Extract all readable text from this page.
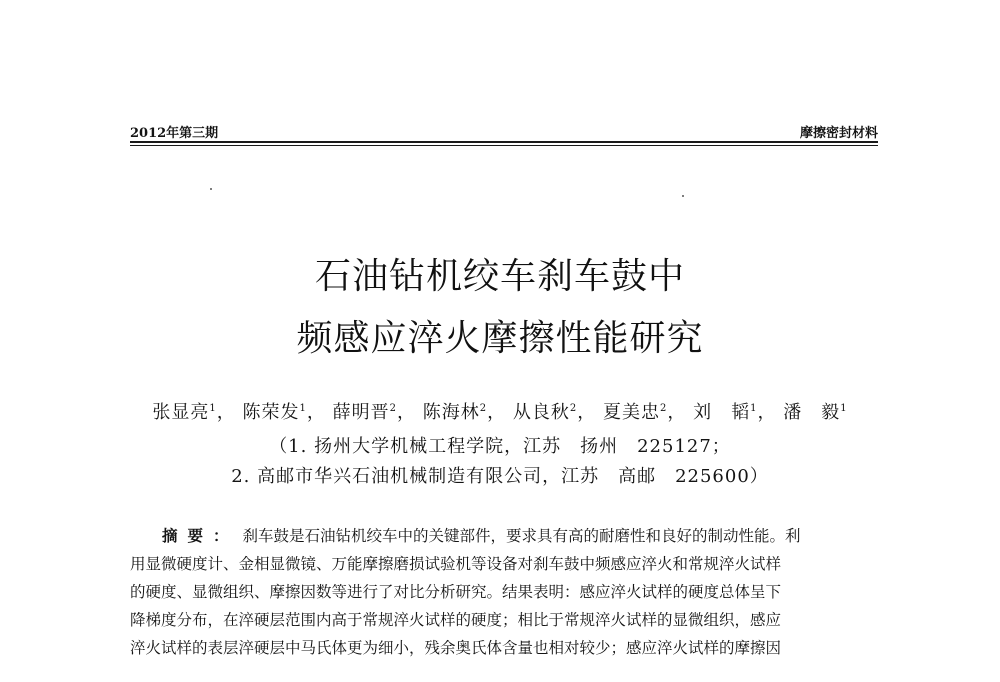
2012年第三期	摩擦密封材料
石油钻机绞车刹车鼓中
频感应淬火摩擦性能研究
张显亮$^1$， 陈荣发$^1$， 薛明晋$^2$， 陈海林$^2$， 从良秋$^2$， 夏美忠$^2$， 刘　韬$^1$， 潘　毅$^1$
（1. 扬州大学机械工程学院，江苏　扬州　225127；
2. 高邮市华兴石油机械制造有限公司，江苏　高邮　225600）
摘要： 刹车鼓是石油钻机绞车中的关键部件，要求具有高的耐磨性和良好的制动性能。利
用显微硬度计、金相显微镜、万能摩擦磨损试验机等设备对刹车鼓中频感应淬火和常规淬火试样
的硬度、显微组织、摩擦因数等进行了对比分析研究。结果表明：感应淬火试样的硬度总体呈下
降梯度分布，在淬硬层范围内高于常规淬火试样的硬度；相比于常规淬火试样的显微组织，感应
淬火试样的表层淬硬层中马氏体更为细小，残余奥氏体含量也相对较少；感应淬火试样的摩擦因
